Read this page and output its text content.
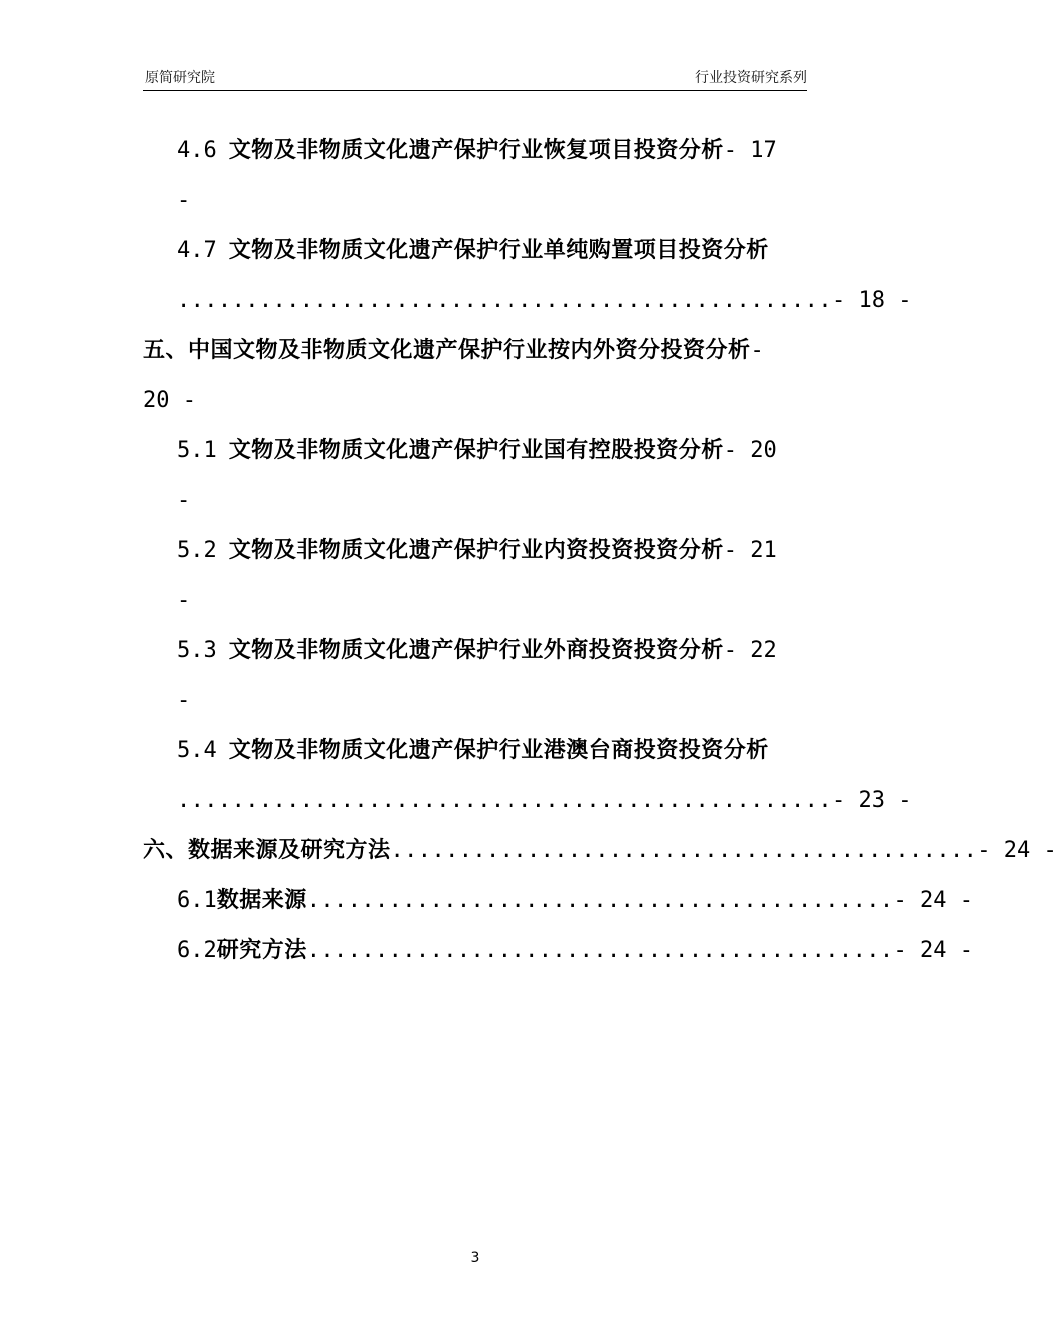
原简研究院	行业投资研究系列
4.6 文物及非物质文化遗产保护行业恢复项目投资分析- 17
-
4.7 文物及非物质文化遗产保护行业单纯购置项目投资分析
................................................ - 18 -
五、中国文物及非物质文化遗产保护行业按内外资分投资分析-
20 -
5.1 文物及非物质文化遗产保护行业国有控股投资分析- 20
-
5.2 文物及非物质文化遗产保护行业内资投资投资分析- 21
-
5.3 文物及非物质文化遗产保护行业外商投资投资分析- 22
-
5.4 文物及非物质文化遗产保护行业港澳台商投资投资分析
................................................ - 23 -
六、数据来源及研究方法 ........................................... - 24 -
6.1 数据来源 ........................................... - 24 -
6.2 研究方法 ........................................... - 24 -
3
